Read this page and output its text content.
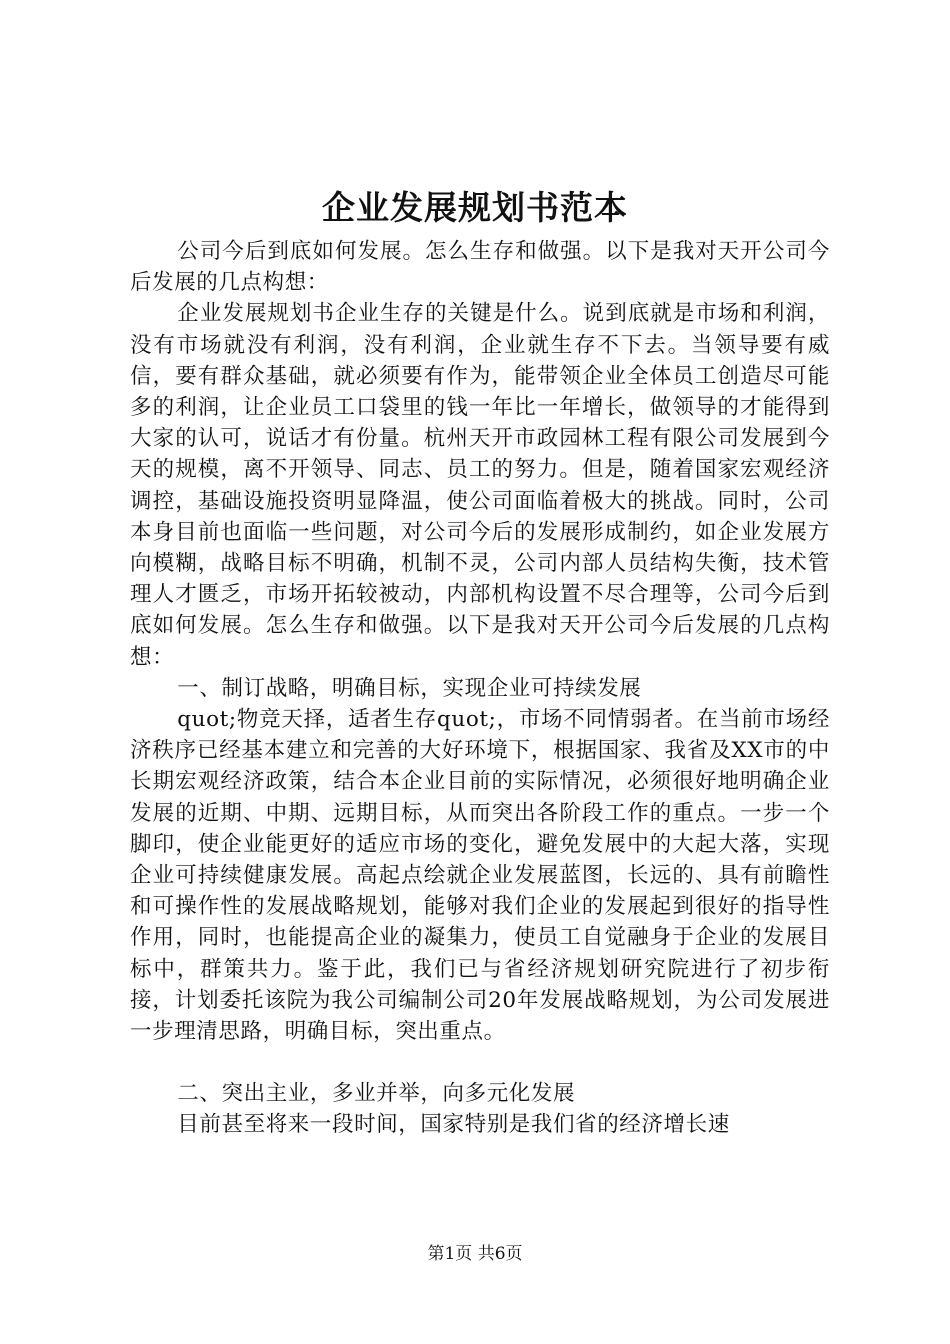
企业发展规划书范本

公司今后到底如何发展。怎么生存和做强。以下是我对天开公司今后发展的几点构想：

企业发展规划书企业生存的关键是什么。说到底就是市场和利润，没有市场就没有利润，没有利润，企业就生存不下去。当领导要有威信，要有群众基础，就必须要有作为，能带领企业全体员工创造尽可能多的利润，让企业员工口袋里的钱一年比一年增长，做领导的才能得到大家的认可，说话才有份量。杭州天开市政园林工程有限公司发展到今天的规模，离不开领导、同志、员工的努力。但是，随着国家宏观经济调控，基础设施投资明显降温，使公司面临着极大的挑战。同时，公司本身目前也面临一些问题，对公司今后的发展形成制约，如企业发展方向模糊，战略目标不明确，机制不灵，公司内部人员结构失衡，技术管理人才匮乏，市场开拓较被动，内部机构设置不尽合理等，公司今后到底如何发展。怎么生存和做强。以下是我对天开公司今后发展的几点构想：

一、制订战略，明确目标，实现企业可持续发展

quot;物竞天择，适者生存quot;，市场不同情弱者。在当前市场经济秩序已经基本建立和完善的大好环境下，根据国家、我省及XX市的中长期宏观经济政策，结合本企业目前的实际情况，必须很好地明确企业发展的近期、中期、远期目标，从而突出各阶段工作的重点。一步一个脚印，使企业能更好的适应市场的变化，避免发展中的大起大落，实现企业可持续健康发展。高起点绘就企业发展蓝图，长远的、具有前瞻性和可操作性的发展战略规划，能够对我们企业的发展起到很好的指导性作用，同时，也能提高企业的凝集力，使员工自觉融身于企业的发展目标中，群策共力。鉴于此，我们已与省经济规划研究院进行了初步衔接，计划委托该院为我公司编制公司20年发展战略规划，为公司发展进一步理清思路，明确目标，突出重点。

二、突出主业，多业并举，向多元化发展

目前甚至将来一段时间，国家特别是我们省的经济增长速

第1页 共6页
